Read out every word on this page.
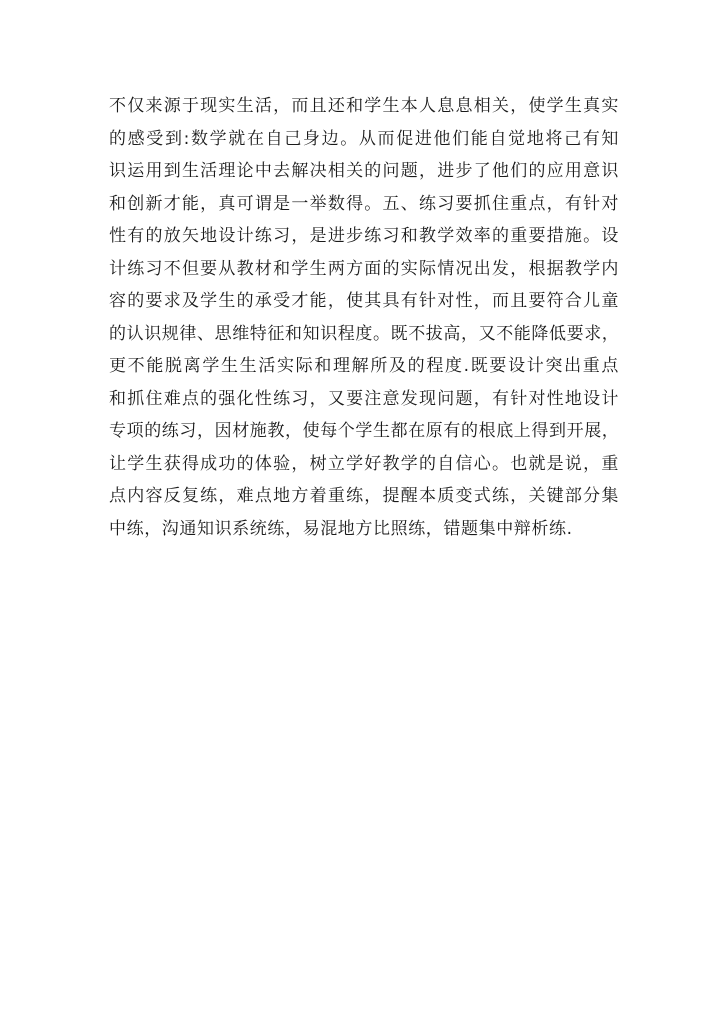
不仅来源于现实生活，而且还和学生本人息息相关，使学生真实
的感受到:数学就在自己身边。从而促进他们能自觉地将己有知
识运用到生活理论中去解决相关的问题，进步了他们的应用意识
和创新才能，真可谓是一举数得。五、练习要抓住重点，有针对
性有的放矢地设计练习，是进步练习和教学效率的重要措施。设
计练习不但要从教材和学生两方面的实际情况出发，根据教学内
容的要求及学生的承受才能，使其具有针对性，而且要符合儿童
的认识规律、思维特征和知识程度。既不拔高，又不能降低要求，
更不能脱离学生生活实际和理解所及的程度.既要设计突出重点
和抓住难点的强化性练习，又要注意发现问题，有针对性地设计
专项的练习，因材施教，使每个学生都在原有的根底上得到开展，
让学生获得成功的体验，树立学好教学的自信心。也就是说，重
点内容反复练，难点地方着重练，提醒本质变式练，关键部分集
中练，沟通知识系统练，易混地方比照练，错题集中辩析练.
